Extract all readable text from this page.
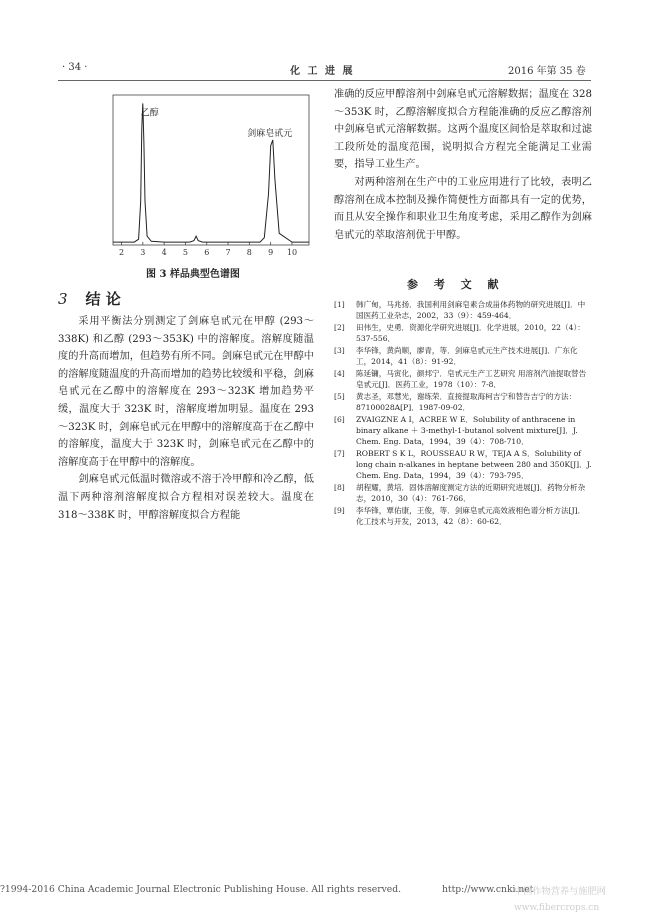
· 34 ·	化 工 进 展	2016 年第 35 卷
2 3 4 5 6 7 8 9 10
乙醇
剑麻皂甙元
图 3 样品典型色谱图
3 结 论

采用平衡法分别测定了剑麻皂甙元在甲醇 (293～338K) 和乙醇 (293～353K) 中的溶解度。溶解度随温度的升高而增加，但趋势有所不同。剑麻皂甙元在甲醇中的溶解度随温度的升高而增加的趋势比较缓和平稳，剑麻皂甙元在乙醇中的溶解度在 293～323K 增加趋势平缓，温度大于 323K 时，溶解度增加明显。温度在 293～323K 时，剑麻皂甙元在甲醇中的溶解度高于在乙醇中的溶解度，温度大于 323K 时，剑麻皂甙元在乙醇中的溶解度高于在甲醇中的溶解度。

剑麻皂甙元低温时微溶或不溶于冷甲醇和冷乙醇，低温下两种溶剂溶解度拟合方程相对误差较大。温度在 318～338K 时，甲醇溶解度拟合方程能

准确的反应甲醇溶剂中剑麻皂甙元溶解数据；温度在 328～353K 时，乙醇溶解度拟合方程能准确的反应乙醇溶剂中剑麻皂甙元溶解数据。这两个温度区间恰是萃取和过滤工段所处的温度范围，说明拟合方程完全能满足工业需要，指导工业生产。

对两种溶剂在生产中的工业应用进行了比较，表明乙醇溶剂在成本控制及操作简便性方面都具有一定的优势，而且从安全操作和职业卫生角度考虑，采用乙醇作为剑麻皂甙元的萃取溶剂优于甲醇。

参 考 文 献
[1]	韩广甸，马兆扬．我国利用剑麻皂素合成甾体药物的研究进展[J]．中国医药工业杂志，2002，33（9）：459-464．
[2]	田伟生，史勇．资源化学研究进展[J]．化学进展，2010，22（4）：537-556．
[3]	李华锋，黄尚顺，廖青，等．剑麻皂甙元生产技术进展[J]．广东化工，2014，41（8）：91-92．
[4]	陈延镛，马寅化，颜邦宁．皂甙元生产工艺研究 用溶剂汽油提取替告皂甙元[J]．医药工业，1978（10）：7-8．
[5]	黄志圣，邓慧光，谢练荣．直接提取海柯吉宁和替告吉宁的方法：87100028A[P]．1987-09-02．
[6]	ZVAIGZNE A I，ACREE W E．Solubility of anthracene in binary alkane ＋ 3-methyl-1-butanol solvent mixture[J]．J. Chem. Eng. Data，1994，39（4）：708-710．
[7]	ROBERT S K L，ROUSSEAU R W，TEJA A S．Solubility of long chain n-alkanes in heptane between 280 and 350K[J]．J. Chem. Eng. Data，1994，39（4）：793-795．
[8]	胡程耀，黄培．固体溶解度测定方法的近期研究进展[J]．药物分析杂志，2010，30（4）：761-766．
[9]	李华锋，覃佑康，王俊，等．剑麻皂甙元高效液相色谱分析方法[J]．化工技术与开发，2013，42（8）：60-62．
?1994-2016 China Academic Journal Electronic Publishing House. All rights reserved.	http://www.cnki.net
中国作物营养与施肥网
www.fibercrops.cn
